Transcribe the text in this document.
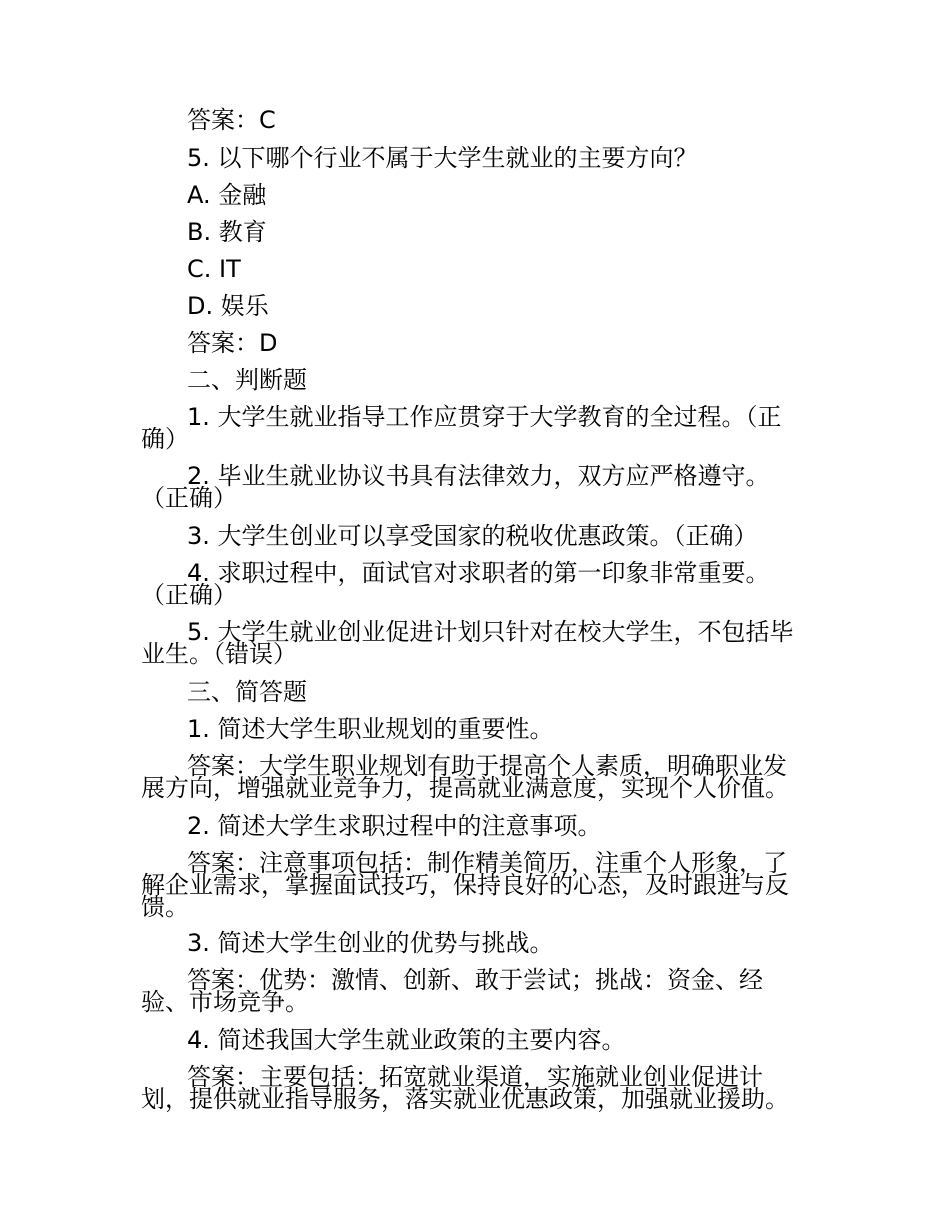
答案：C
5. 以下哪个行业不属于大学生就业的主要方向？
A. 金融
B. 教育
C. IT
D. 娱乐
答案：D
二、判断题
1. 大学生就业指导工作应贯穿于大学教育的全过程。（正
确）
2. 毕业生就业协议书具有法律效力，双方应严格遵守。
（正确）
3. 大学生创业可以享受国家的税收优惠政策。（正确）
4. 求职过程中，面试官对求职者的第一印象非常重要。
（正确）
5. 大学生就业创业促进计划只针对在校大学生，不包括毕
业生。（错误）
三、简答题
1. 简述大学生职业规划的重要性。
答案：大学生职业规划有助于提高个人素质，明确职业发
展方向，增强就业竞争力，提高就业满意度，实现个人价值。
2. 简述大学生求职过程中的注意事项。
答案：注意事项包括：制作精美简历，注重个人形象，了
解企业需求，掌握面试技巧，保持良好的心态，及时跟进与反
馈。
3. 简述大学生创业的优势与挑战。
答案：优势：激情、创新、敢于尝试；挑战：资金、经
验、市场竞争。
4. 简述我国大学生就业政策的主要内容。
答案：主要包括：拓宽就业渠道，实施就业创业促进计
划，提供就业指导服务，落实就业优惠政策，加强就业援助。
